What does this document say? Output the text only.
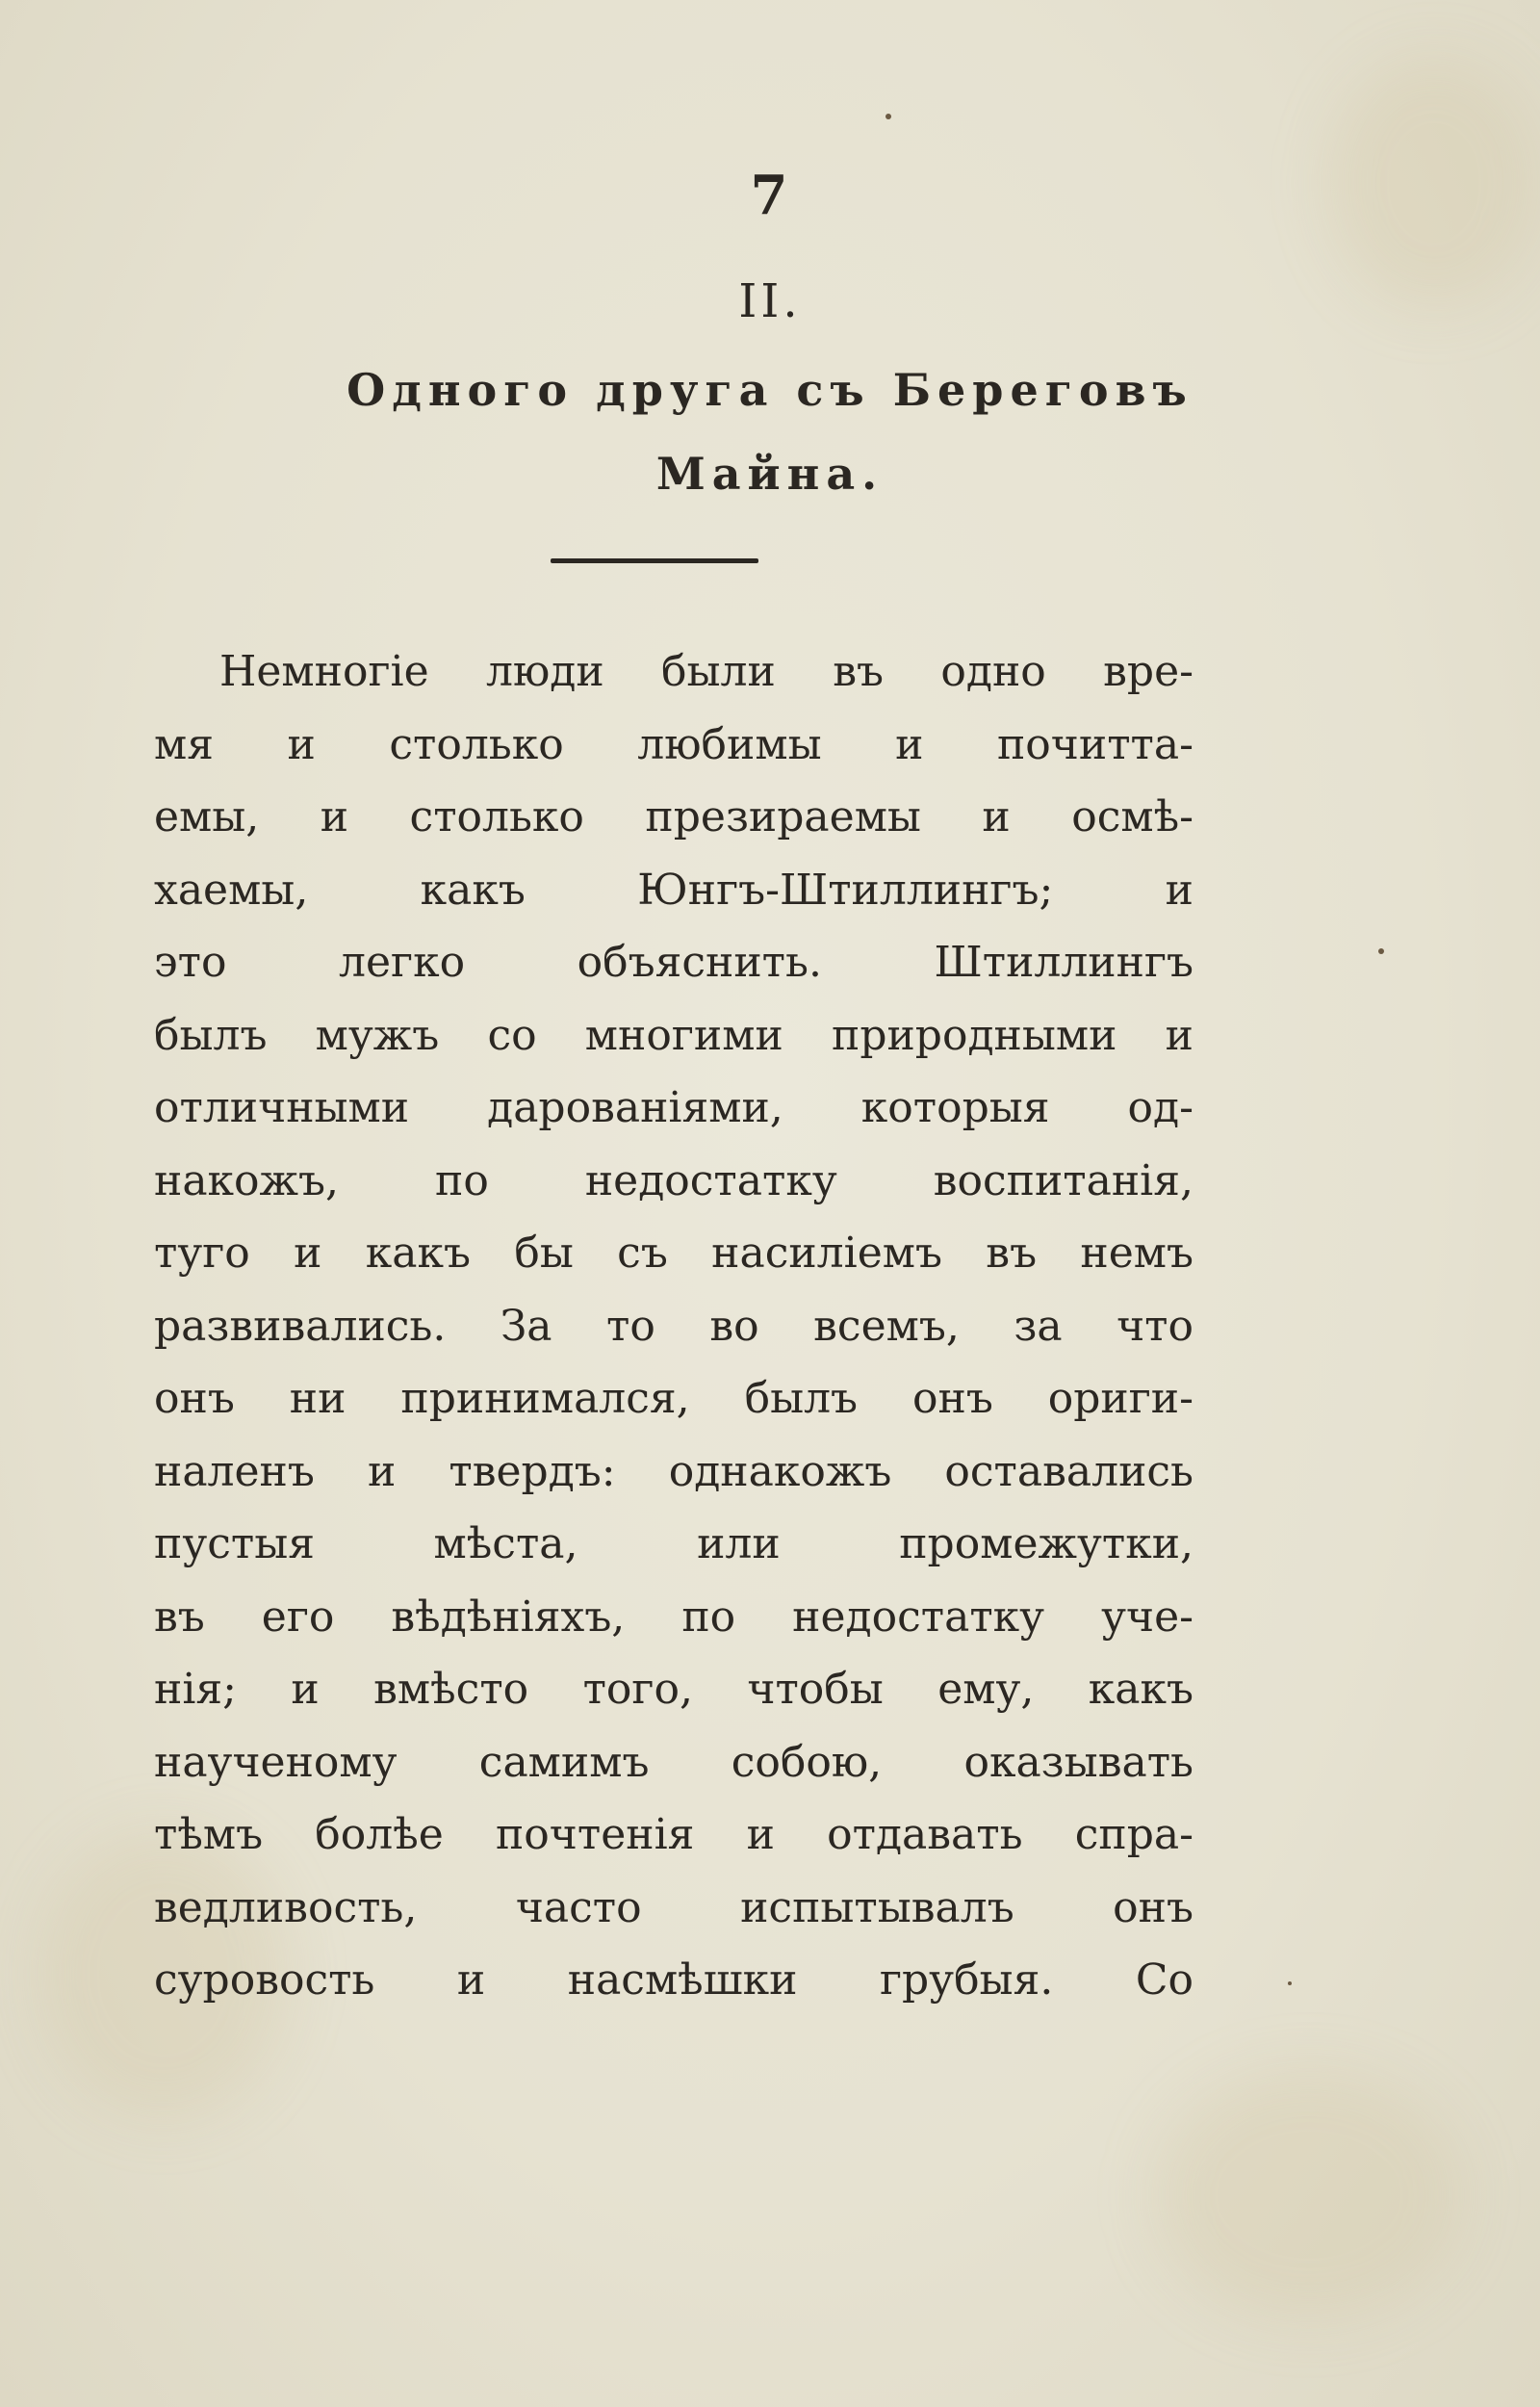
7
II.
Одного друга съ Береговъ
Майна.
Немногіе люди были въ одно вре-
мя и столько любимы и почитта-
емы, и столько презираемы и осмѣ-
хаемы, какъ Юнгъ-Штиллингъ; и
это легко объяснить. Штиллингъ
былъ мужъ со многими природными и
отличными дарованіями, которыя од-
накожъ, по недостатку воспитанія,
туго и какъ бы съ насиліемъ въ немъ
развивались. За то во всемъ, за что
онъ ни принимался, былъ онъ ориги-
наленъ и твердъ: однакожъ оставались
пустыя мѣста, или промежутки,
въ его вѣдѣніяхъ, по недостатку уче-
нія; и вмѣсто того, чтобы ему, какъ
наученому самимъ собою, оказывать
тѣмъ болѣе почтенія и отдавать спра-
ведливость, часто испытывалъ онъ
суровость и насмѣшки грубыя. Со
